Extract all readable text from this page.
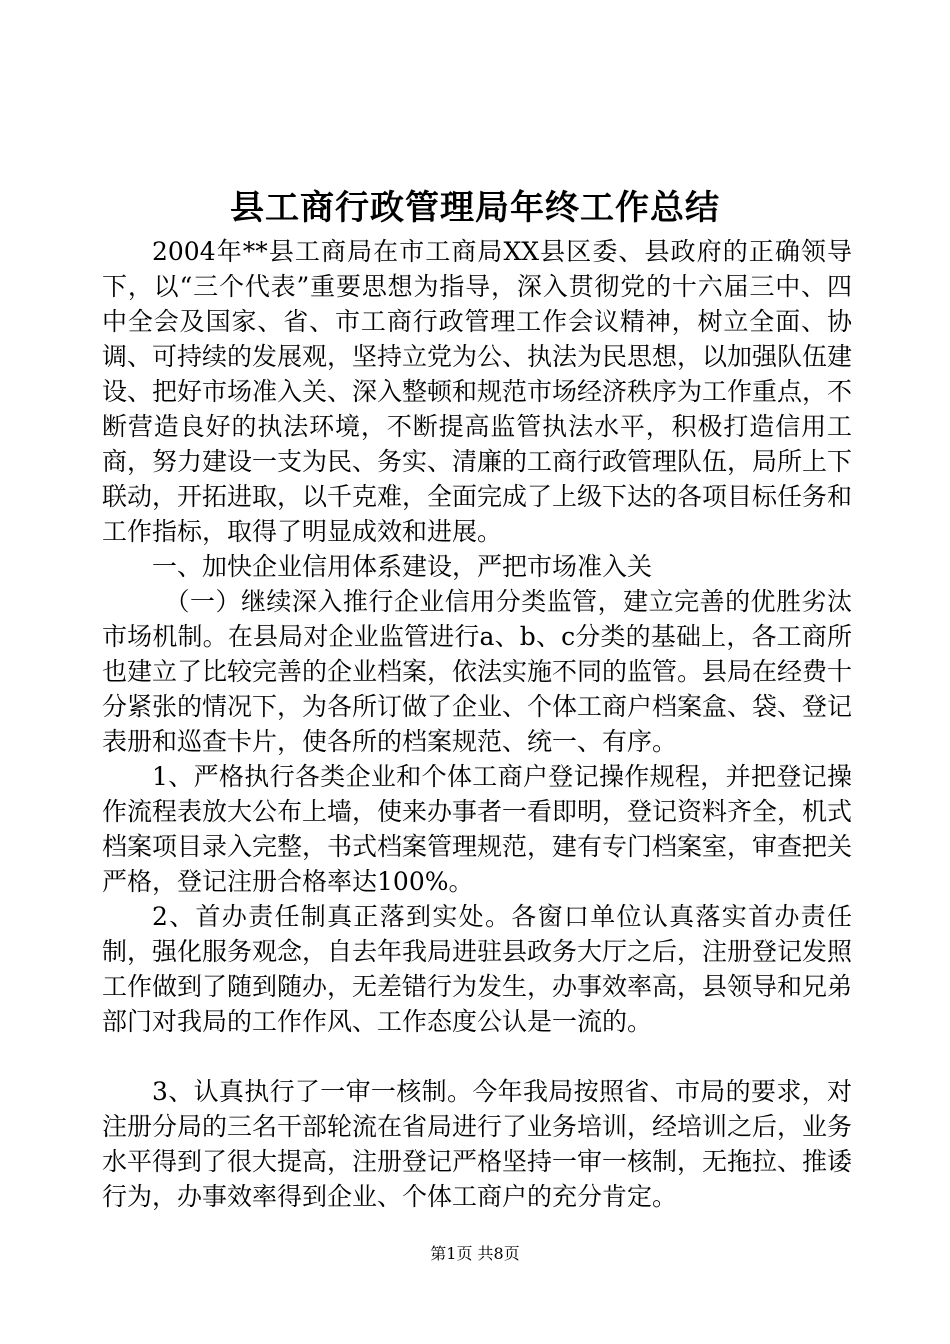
县工商行政管理局年终工作总结

2004年**县工商局在市工商局XX县区委、县政府的正确领导下，以“三个代表”重要思想为指导，深入贯彻党的十六届三中、四中全会及国家、省、市工商行政管理工作会议精神，树立全面、协调、可持续的发展观，坚持立党为公、执法为民思想，以加强队伍建设、把好市场准入关、深入整顿和规范市场经济秩序为工作重点，不断营造良好的执法环境，不断提高监管执法水平，积极打造信用工商，努力建设一支为民、务实、清廉的工商行政管理队伍，局所上下联动，开拓进取，以千克难，全面完成了上级下达的各项目标任务和工作指标，取得了明显成效和进展。

一、加快企业信用体系建设，严把市场准入关

（一）继续深入推行企业信用分类监管，建立完善的优胜劣汰市场机制。在县局对企业监管进行a、b、c分类的基础上，各工商所也建立了比较完善的企业档案，依法实施不同的监管。县局在经费十分紧张的情况下，为各所订做了企业、个体工商户档案盒、袋、登记表册和巡查卡片，使各所的档案规范、统一、有序。

1、严格执行各类企业和个体工商户登记操作规程，并把登记操作流程表放大公布上墙，使来办事者一看即明，登记资料齐全，机式档案项目录入完整，书式档案管理规范，建有专门档案室，审查把关严格，登记注册合格率达100%。

2、首办责任制真正落到实处。各窗口单位认真落实首办责任制，强化服务观念，自去年我局进驻县政务大厅之后，注册登记发照工作做到了随到随办，无差错行为发生，办事效率高，县领导和兄弟部门对我局的工作作风、工作态度公认是一流的。

3、认真执行了一审一核制。今年我局按照省、市局的要求，对注册分局的三名干部轮流在省局进行了业务培训，经培训之后，业务水平得到了很大提高，注册登记严格坚持一审一核制，无拖拉、推诿行为，办事效率得到企业、个体工商户的充分肯定。

第1页 共8页
